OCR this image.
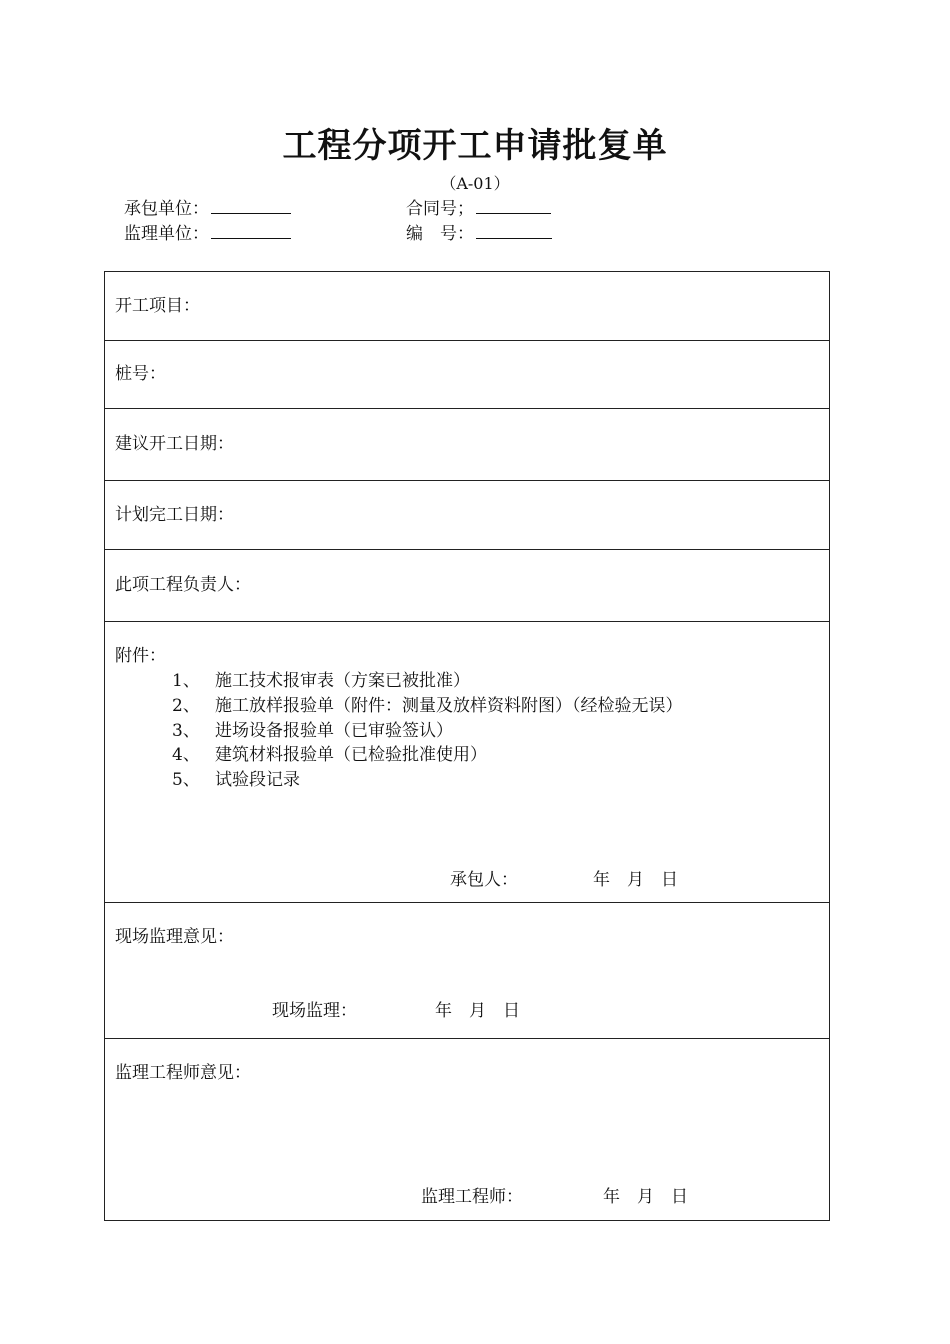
工程分项开工申请批复单
（A-01）
承包单位：	合同号；
监理单位：	编　号：
开工项目：
桩号：
建议开工日期：
计划完工日期：
此项工程负责人：
附件：
1、 施工技术报审表（方案已被批准）
2、 施工放样报验单（附件：测量及放样资料附图）（经检验无误）
3、 进场设备报验单（已审验签认）
4、 建筑材料报验单（已检验批准使用）
5、 试验段记录
承包人：	年　月　日
现场监理意见：
现场监理：	年　月　日
监理工程师意见：
监理工程师：	年　月　日
